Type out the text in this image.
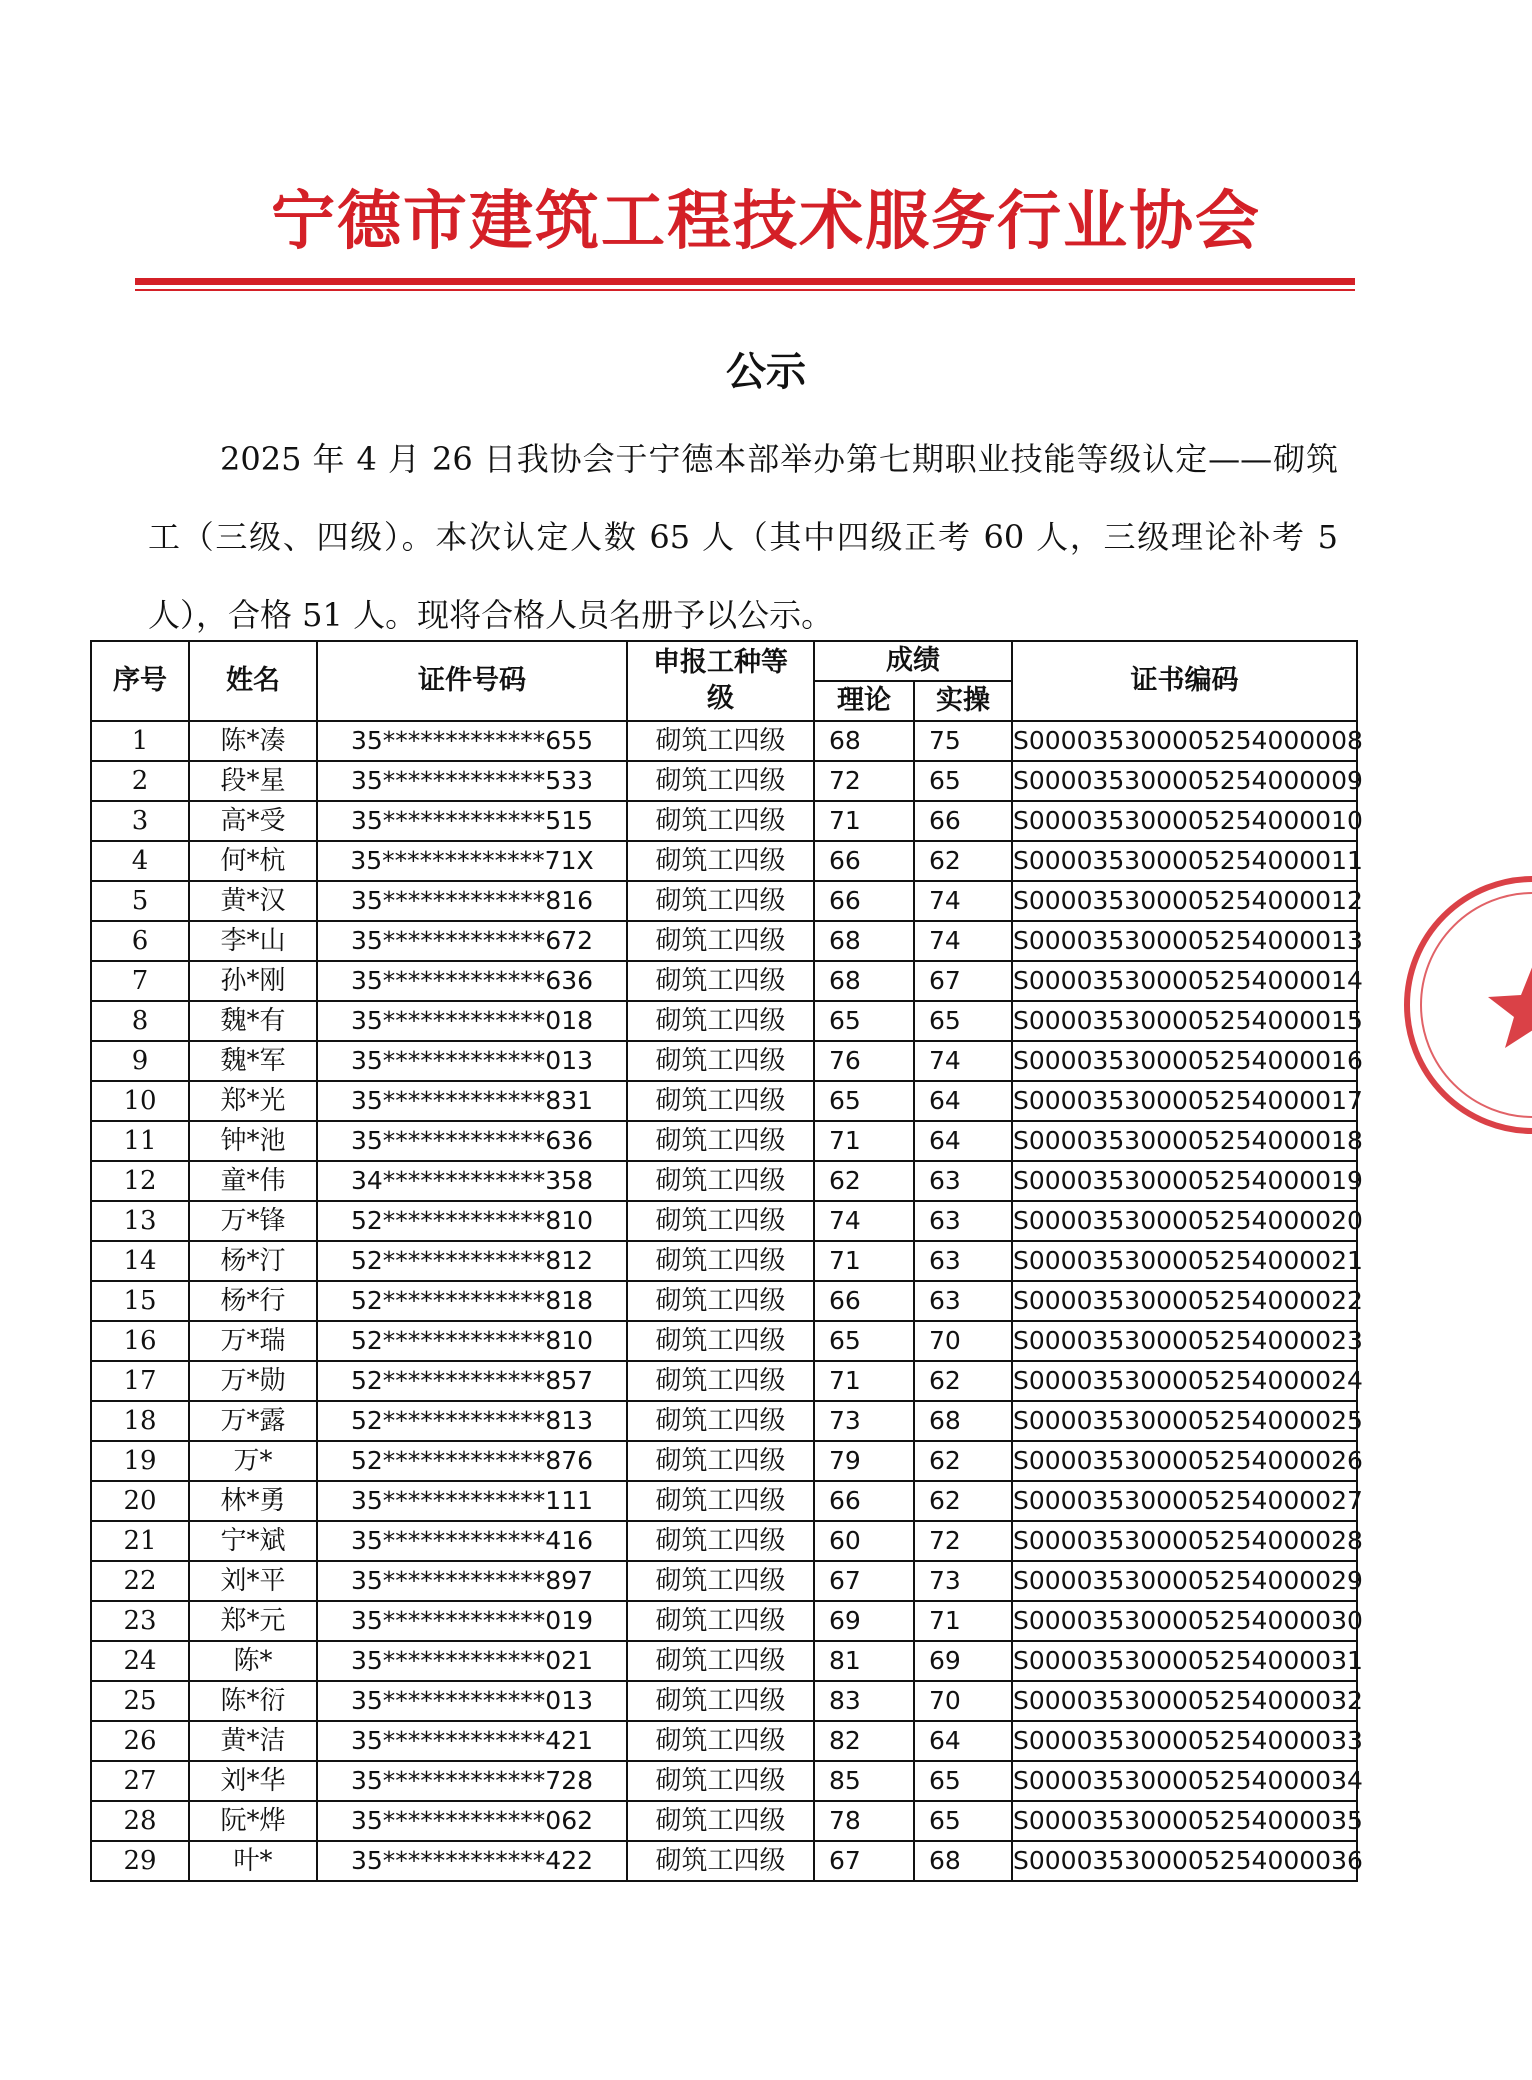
宁德市建筑工程技术服务行业协会
公示

2025 年 4 月 26 日我协会于宁德本部举办第七期职业技能等级认定——砌筑工（三级、四级）。本次认定人数 65 人（其中四级正考 60 人，三级理论补考 5 人），合格 51 人。现将合格人员名册予以公示。

序号	姓名	证件号码	申报工种等级	成绩		证书编码
				理论	实操	
1	陈*凑	35*************655	砌筑工四级	68	75	S000035300005254000008
2	段*星	35*************533	砌筑工四级	72	65	S000035300005254000009
3	高*受	35*************515	砌筑工四级	71	66	S000035300005254000010
4	何*杭	35*************71X	砌筑工四级	66	62	S000035300005254000011
5	黄*汉	35*************816	砌筑工四级	66	74	S000035300005254000012
6	李*山	35*************672	砌筑工四级	68	74	S000035300005254000013
7	孙*刚	35*************636	砌筑工四级	68	67	S000035300005254000014
8	魏*有	35*************018	砌筑工四级	65	65	S000035300005254000015
9	魏*军	35*************013	砌筑工四级	76	74	S000035300005254000016
10	郑*光	35*************831	砌筑工四级	65	64	S000035300005254000017
11	钟*池	35*************636	砌筑工四级	71	64	S000035300005254000018
12	童*伟	34*************358	砌筑工四级	62	63	S000035300005254000019
13	万*锋	52*************810	砌筑工四级	74	63	S000035300005254000020
14	杨*汀	52*************812	砌筑工四级	71	63	S000035300005254000021
15	杨*行	52*************818	砌筑工四级	66	63	S000035300005254000022
16	万*瑞	52*************810	砌筑工四级	65	70	S000035300005254000023
17	万*勋	52*************857	砌筑工四级	71	62	S000035300005254000024
18	万*露	52*************813	砌筑工四级	73	68	S000035300005254000025
19	万*	52*************876	砌筑工四级	79	62	S000035300005254000026
20	林*勇	35*************111	砌筑工四级	66	62	S000035300005254000027
21	宁*斌	35*************416	砌筑工四级	60	72	S000035300005254000028
22	刘*平	35*************897	砌筑工四级	67	73	S000035300005254000029
23	郑*元	35*************019	砌筑工四级	69	71	S000035300005254000030
24	陈*	35*************021	砌筑工四级	81	69	S000035300005254000031
25	陈*衍	35*************013	砌筑工四级	83	70	S000035300005254000032
26	黄*洁	35*************421	砌筑工四级	82	64	S000035300005254000033
27	刘*华	35*************728	砌筑工四级	85	65	S000035300005254000034
28	阮*烨	35*************062	砌筑工四级	78	65	S000035300005254000035
29	叶*	35*************422	砌筑工四级	67	68	S000035300005254000036
